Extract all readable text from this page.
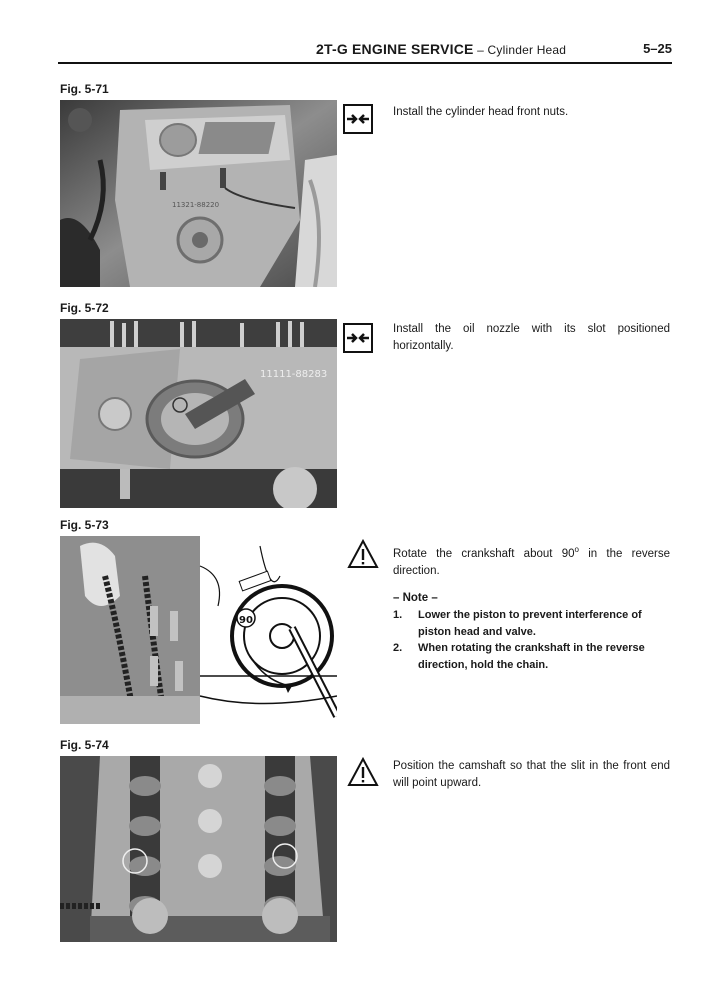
2T-G ENGINE SERVICE – Cylinder Head	5–25
Fig. 5-71
11321-88220
Install the cylinder head front nuts.
Fig. 5-72
11111-88283
Install the oil nozzle with its slot positioned horizontally.
Fig. 5-73
90
Rotate the crankshaft about 90$^o$ in the reverse direction.
– Note –
1. Lower the piston to prevent interference of piston head and valve.
2. When rotating the crankshaft in the reverse direction, hold the chain.
Fig. 5-74
Position the camshaft so that the slit in the front end will point upward.
